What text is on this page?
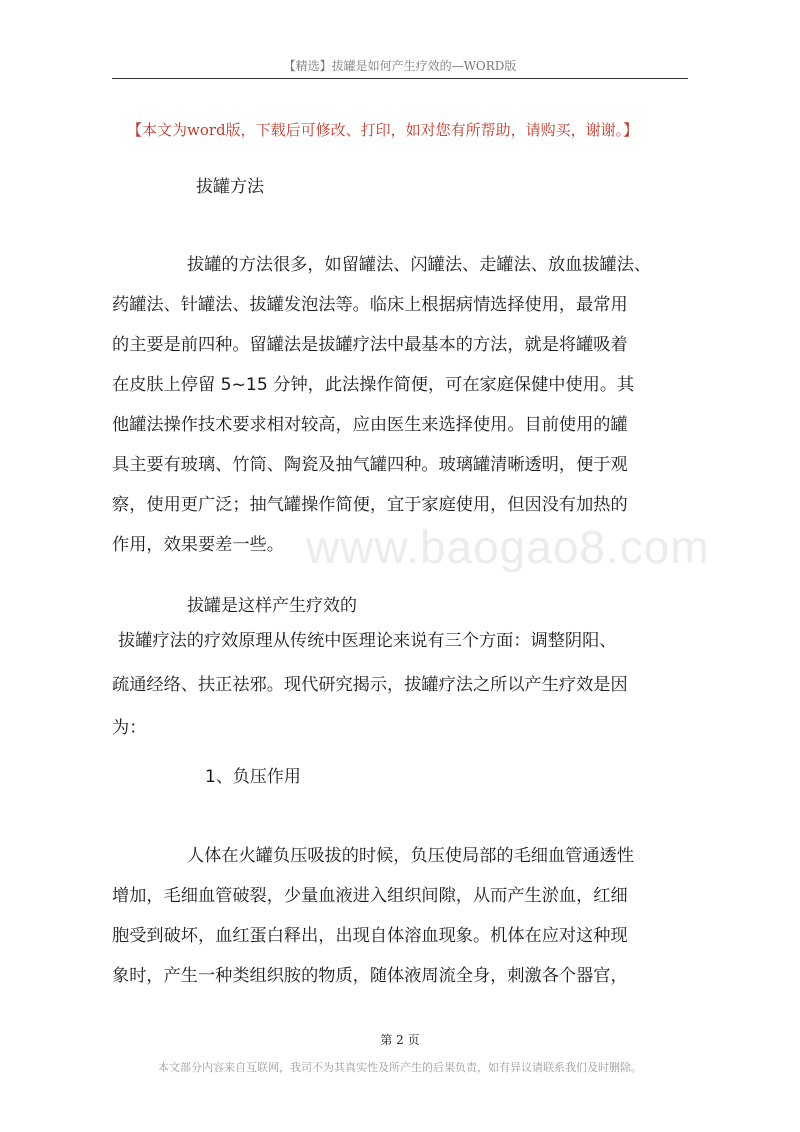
【精选】拔罐是如何产生疗效的—WORD版
【本文为word版，下载后可修改、打印，如对您有所帮助，请购买，谢谢。】
拔罐方法
拔罐的方法很多，如留罐法、闪罐法、走罐法、放血拔罐法、
药罐法、针罐法、拔罐发泡法等。临床上根据病情选择使用，最常用
的主要是前四种。留罐法是拔罐疗法中最基本的方法，就是将罐吸着
在皮肤上停留 5~15 分钟，此法操作简便，可在家庭保健中使用。其
他罐法操作技术要求相对较高，应由医生来选择使用。目前使用的罐
具主要有玻璃、竹筒、陶瓷及抽气罐四种。玻璃罐清晰透明，便于观
察，使用更广泛；抽气罐操作简便，宜于家庭使用，但因没有加热的
作用，效果要差一些。 www.baogao8.com
拔罐是这样产生疗效的
拔罐疗法的疗效原理从传统中医理论来说有三个方面：调整阴阳、
疏通经络、扶正祛邪。现代研究揭示，拔罐疗法之所以产生疗效是因
为：
1、负压作用
人体在火罐负压吸拔的时候，负压使局部的毛细血管通透性
增加，毛细血管破裂，少量血液进入组织间隙，从而产生淤血，红细
胞受到破坏，血红蛋白释出，出现自体溶血现象。机体在应对这种现
象时，产生一种类组织胺的物质，随体液周流全身，刺激各个器官，
第 2 页
本文部分内容来自互联网，我司不为其真实性及所产生的后果负责，如有异议请联系我们及时删除。
